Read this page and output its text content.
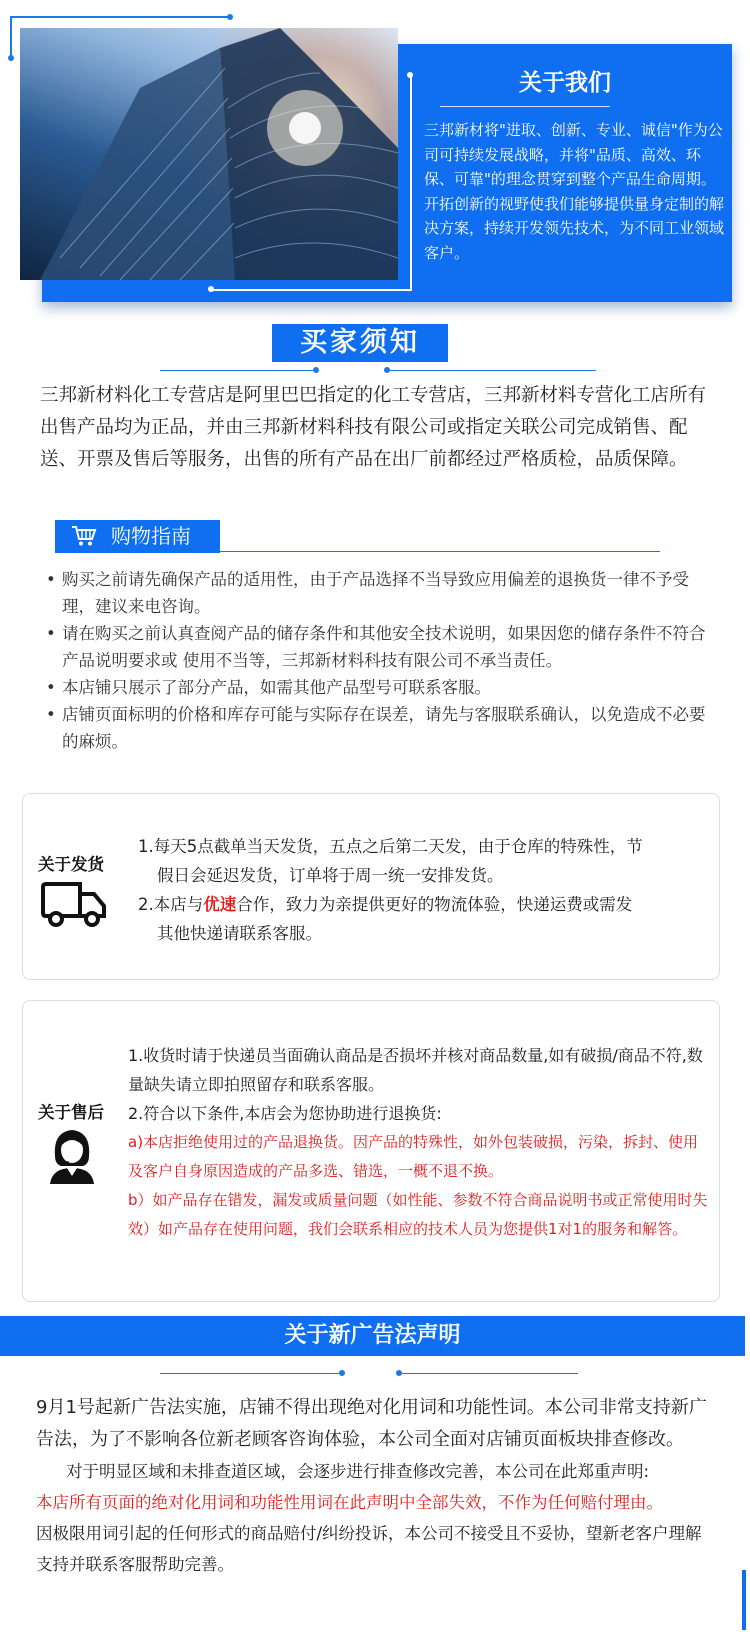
关于我们
三邦新材将"进取、创新、专业、诚信"作为公司可持续发展战略，并将"品质、高效、环保、可靠"的理念贯穿到整个产品生命周期。
开拓创新的视野使我们能够提供量身定制的解决方案，持续开发领先技术，为不同工业领域客户。
买家须知
三邦新材料化工专营店是阿里巴巴指定的化工专营店，三邦新材料专营化工店所有出售产品均为正品，并由三邦新材料科技有限公司或指定关联公司完成销售、配送、开票及售后等服务，出售的所有产品在出厂前都经过严格质检，品质保障。
购物指南
• 购买之前请先确保产品的适用性，由于产品选择不当导致应用偏差的退换货一律不予受理，建议来电咨询。
• 请在购买之前认真查阅产品的储存条件和其他安全技术说明，如果因您的储存条件不符合产品说明要求或 使用不当等，三邦新材料科技有限公司不承当责任。
• 本店铺只展示了部分产品，如需其他产品型号可联系客服。
• 店铺页面标明的价格和库存可能与实际存在误差，请先与客服联系确认，以免造成不必要的麻烦。
关于发货
1.每天5点截单当天发货，五点之后第二天发，由于仓库的特殊性，节
假日会延迟发货，订单将于周一统一安排发货。
2.本店与优速合作，致力为亲提供更好的物流体验，快递运费或需发
其他快递请联系客服。
关于售后
1.收货时请于快递员当面确认商品是否损坏并核对商品数量,如有破损/商品不符,数量缺失请立即拍照留存和联系客服。
2.符合以下条件,本店会为您协助进行退换货:
a)本店拒绝使用过的产品退换货。因产品的特殊性，如外包装破损，污染，拆封、使用及客户自身原因造成的产品多选、错选，一概不退不换。
b）如产品存在错发，漏发或质量问题（如性能、参数不符合商品说明书或正常使用时失效）如产品存在使用问题，我们会联系相应的技术人员为您提供1对1的服务和解答。
关于新广告法声明
9月1号起新广告法实施，店铺不得出现绝对化用词和功能性词。本公司非常支持新广告法，为了不影响各位新老顾客咨询体验，本公司全面对店铺页面板块排查修改。
对于明显区域和未排查道区域，会逐步进行排查修改完善，本公司在此郑重声明:
本店所有页面的绝对化用词和功能性用词在此声明中全部失效，不作为任何赔付理由。
因极限用词引起的任何形式的商品赔付/纠纷投诉，本公司不接受且不妥协，望新老客户理解支持并联系客服帮助完善。
